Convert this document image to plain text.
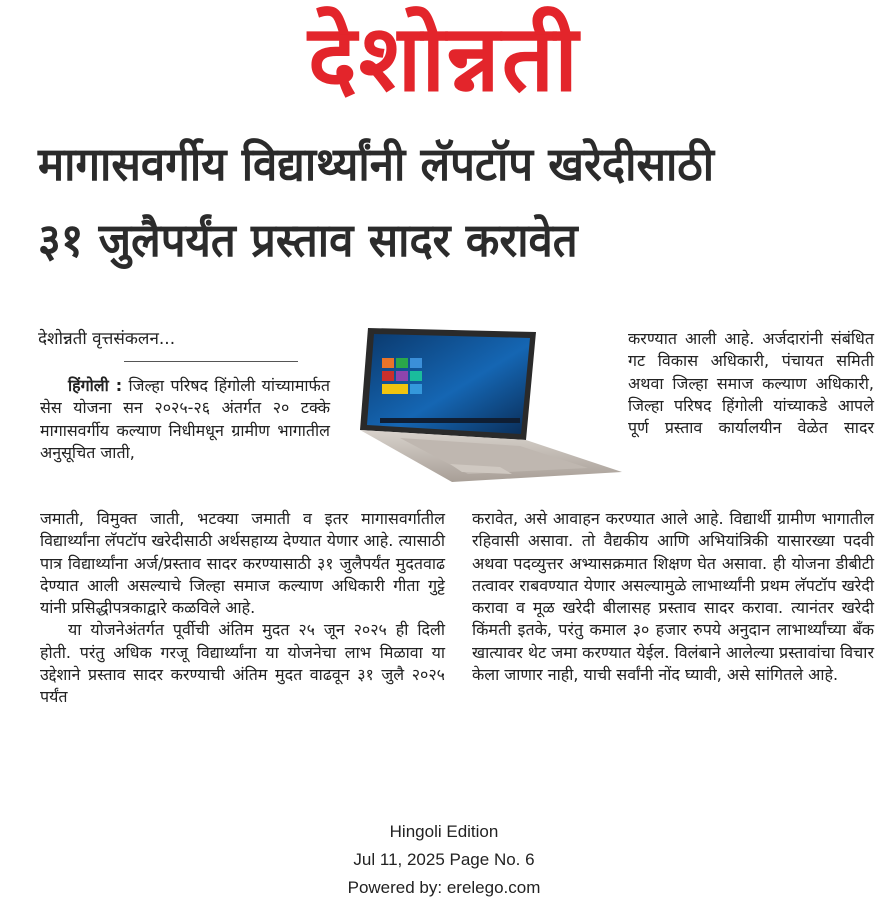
देशोन्नती
मागासवर्गीय विद्यार्थ्यांनी लॅपटॉप खरेदीसाठी
३१ जुलैपर्यंत प्रस्ताव सादर करावेत
देशोन्नती वृत्तसंकलन...

हिंगोली : जिल्हा परिषद हिंगोली यांच्यामार्फत सेस योजना सन २०२५-२६ अंतर्गत २० टक्के मागासवर्गीय कल्याण निधीमधून ग्रामीण भागातील अनुसूचित जाती,

जमाती, विमुक्त जाती, भटक्या जमाती व इतर मागासवर्गातील विद्यार्थ्यांना लॅपटॉप खरेदीसाठी अर्थसहाय्य देण्यात येणार आहे. त्यासाठी पात्र विद्यार्थ्यांना अर्ज/प्रस्ताव सादर करण्यासाठी ३१ जुलैपर्यंत मुदतवाढ देण्यात आली असल्याचे जिल्हा समाज कल्याण अधिकारी गीता गुट्टे यांनी प्रसिद्धीपत्रकाद्वारे कळविले आहे.

या योजनेअंतर्गत पूर्वीची अंतिम मुदत २५ जून २०२५ ही दिली होती. परंतु अधिक गरजू विद्यार्थ्यांना या योजनेचा लाभ मिळावा या उद्देशाने प्रस्ताव सादर करण्याची अंतिम मुदत वाढवून ३१ जुलै २०२५ पर्यंत

करण्यात आली आहे. अर्जदारांनी संबंधित गट विकास अधिकारी, पंचायत समिती अथवा जिल्हा समाज कल्याण अधिकारी, जिल्हा परिषद हिंगोली यांच्याकडे आपले पूर्ण प्रस्ताव कार्यालयीन वेळेत सादर

करावेत, असे आवाहन करण्यात आले आहे. विद्यार्थी ग्रामीण भागातील रहिवासी असावा. तो वैद्यकीय आणि अभियांत्रिकी यासारख्या पदवी अथवा पदव्युत्तर अभ्यासक्रमात शिक्षण घेत असावा. ही योजना डीबीटी तत्वावर राबवण्यात येणार असल्यामुळे लाभार्थ्यांनी प्रथम लॅपटॉप खरेदी करावा व मूळ खरेदी बीलासह प्रस्ताव सादर करावा. त्यानंतर खरेदी किंमती इतके, परंतु कमाल ३० हजार रुपये अनुदान लाभार्थ्यांच्या बँक खात्यावर थेट जमा करण्यात येईल. विलंबाने आलेल्या प्रस्तावांचा विचार केला जाणार नाही, याची सर्वांनी नोंद घ्यावी, असे सांगितले आहे.

Hingoli Edition
Jul 11, 2025 Page No. 6
Powered by: erelego.com
